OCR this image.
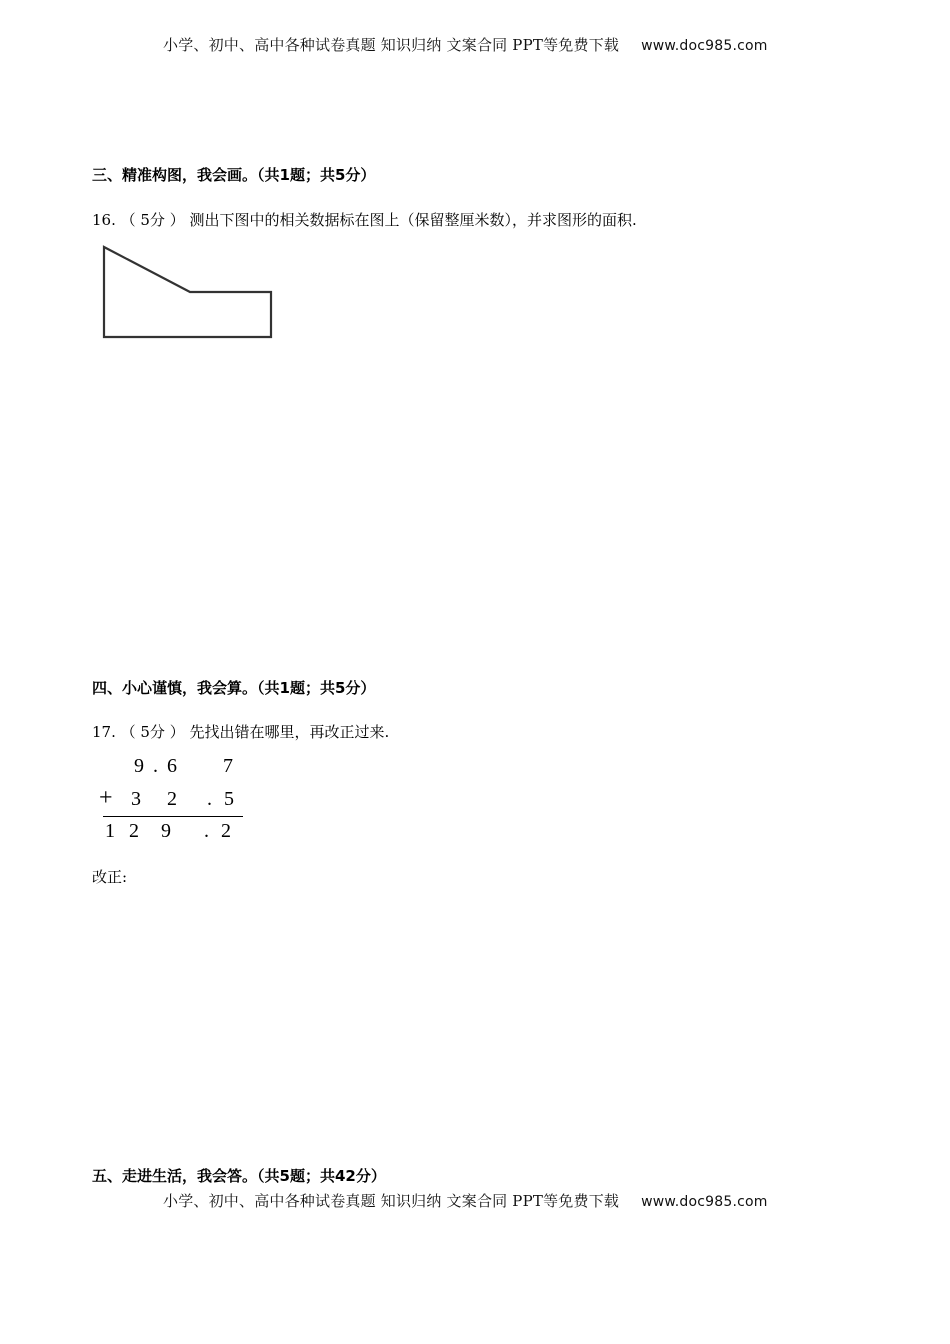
小学、初中、高中各种试卷真题 知识归纳 文案合同 PPT等免费下载 www.doc985.com
三、精准构图，我会画。（共1题；共5分）
16. （ 5分 ） 测出下图中的相关数据标在图上（保留整厘米数），并求图形的面积.
四、小心谨慎，我会算。（共1题；共5分）
17. （ 5分 ） 先找出错在哪里，再改正过来.
9 . 6 7
+ 3 2 . 5
1 2 9 . 2
改正:
五、走进生活，我会答。（共5题；共42分）
小学、初中、高中各种试卷真题 知识归纳 文案合同 PPT等免费下载 www.doc985.com
